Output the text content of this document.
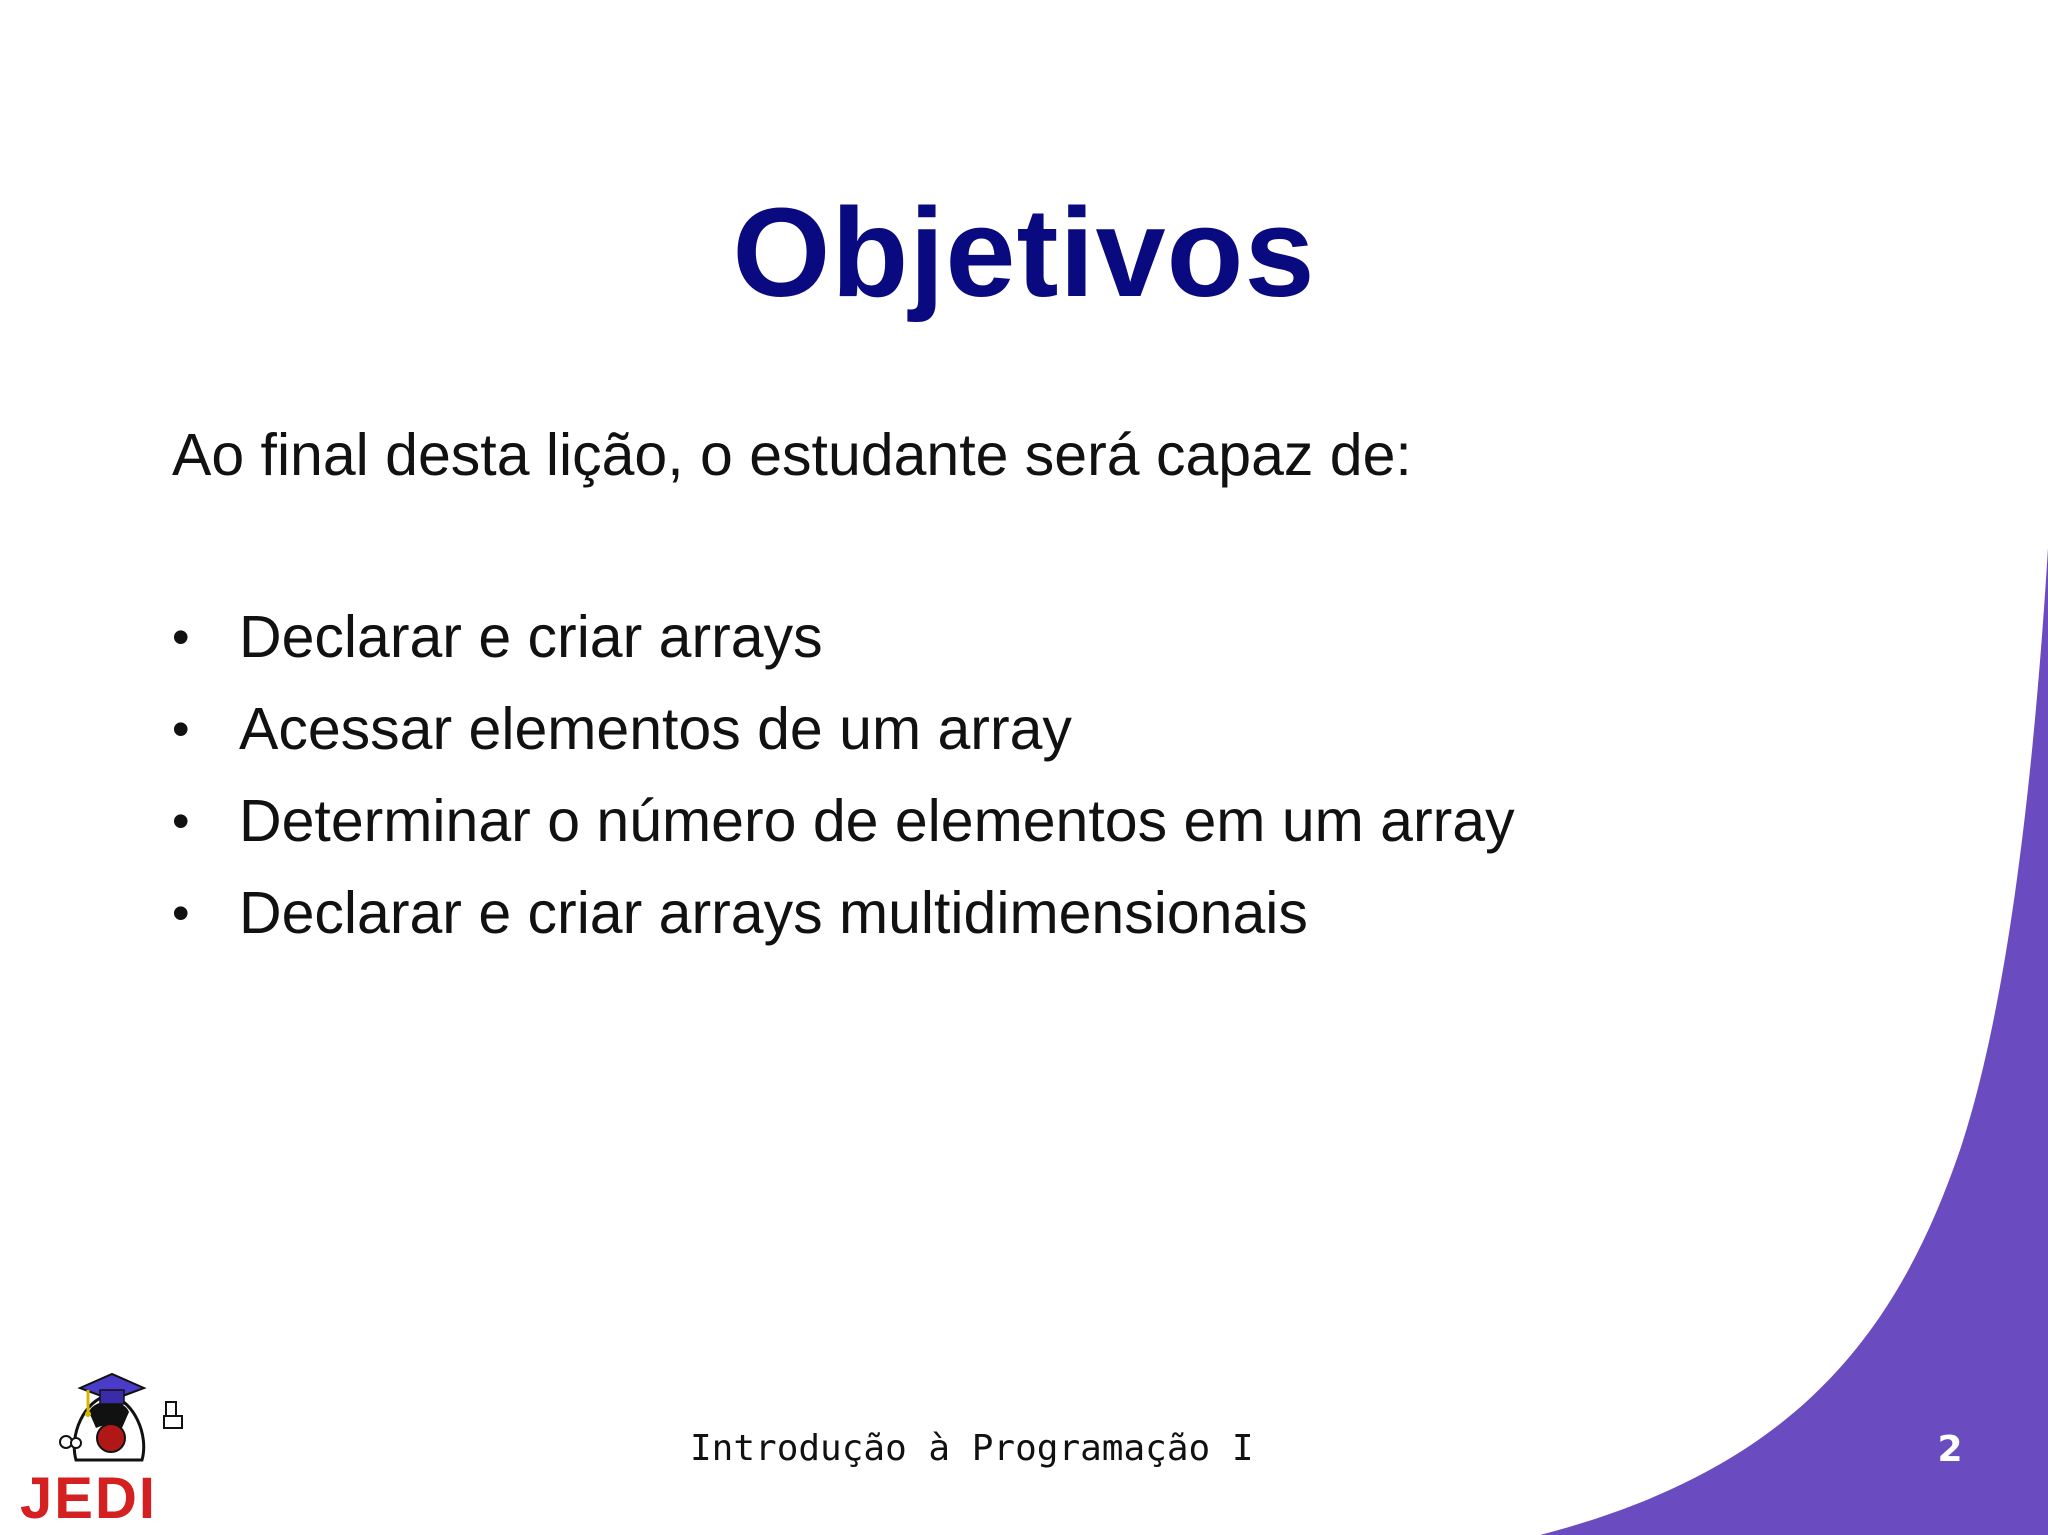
Objetivos
Ao final desta lição, o estudante será capaz de:
• Declarar e criar arrays
• Acessar elementos de um array
• Determinar o número de elementos em um array
• Declarar e criar arrays multidimensionais
JEDI
Introdução à Programação I	2
